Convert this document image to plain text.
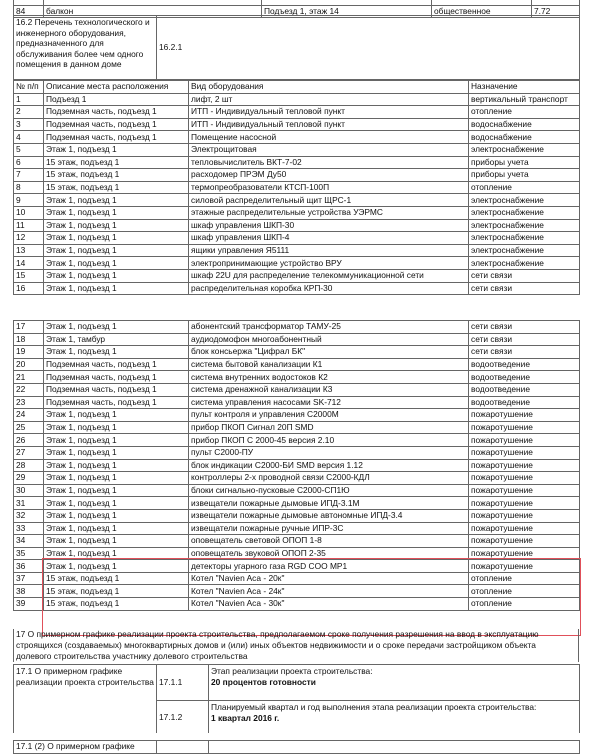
84	балкон	Подъезд 1, этаж 14	общественное	7.72
16.2 Перечень технологического и инженерного оборудования, предназначенного для обслуживания более чем одного помещения в данном доме	16.2.1
№ п/п	Описание места расположения	Вид оборудования	Назначение
1	Подъезд 1	лифт, 2 шт	вертикальный транспорт
2	Подземная часть, подъезд 1	ИТП - Индивидуальный тепловой пункт	отопление
3	Подземная часть, подъезд 1	ИТП - Индивидуальный тепловой пункт	водоснабжение
4	Подземная часть, подъезд 1	Помещение насосной	водоснабжение
5	Этаж 1, подъезд 1	Электрощитовая	электроснабжение
6	15 этаж, подъезд 1	тепловычислитель ВКТ-7-02	приборы учета
7	15 этаж, подъезд 1	расходомер ПРЭМ Ду50	приборы учета
8	15 этаж, подъезд 1	термопреобразователи КТСП-100П	отопление
9	Этаж 1, подъезд 1	силовой распределительный щит ЩРС-1	электроснабжение
10	Этаж 1, подъезд 1	этажные распределительные устройства УЭРМС	электроснабжение
11	Этаж 1, подъезд 1	шкаф управления ШКП-30	электроснабжение
12	Этаж 1, подъезд 1	шкаф управления ШКП-4	электроснабжение
13	Этаж 1, подъезд 1	ящики управления Я5111	электроснабжение
14	Этаж 1, подъезд 1	электропринимающие устройство ВРУ	электроснабжение
15	Этаж 1, подъезд 1	шкаф 22U для распределение телекоммуникационной сети	сети связи
16	Этаж 1, подъезд 1	распределительная коробка КРП-30	сети связи
17	Этаж 1, подъезд 1	абонентский трансформатор ТАМУ-25	сети связи
18	Этаж 1, тамбур	аудиодомофон многоабонентный	сети связи
19	Этаж 1, подъезд 1	блок консьержа "Цифрал БК"	сети связи
20	Подземная часть, подъезд 1	система бытовой канализации К1	водоотведение
21	Подземная часть, подъезд 1	система внутренних водостоков К2	водоотведение
22	Подземная часть, подъезд 1	система дренажной канализации К3	водоотведение
23	Подземная часть, подъезд 1	система управления насосами SK-712	водоотведение
24	Этаж 1, подъезд 1	пульт контроля и управления С2000М	пожаротушение
25	Этаж 1, подъезд 1	прибор ПКОП Сигнал 20П SMD	пожаротушение
26	Этаж 1, подъезд 1	прибор ПКОП С 2000-45 версия 2.10	пожаротушение
27	Этаж 1, подъезд 1	пульт С2000-ПУ	пожаротушение
28	Этаж 1, подъезд 1	блок индикации С2000-БИ SMD версия 1.12	пожаротушение
29	Этаж 1, подъезд 1	контроллеры 2-х проводной связи С2000-КДЛ	пожаротушение
30	Этаж 1, подъезд 1	блоки сигнально-пусковые С2000-СП1Ю	пожаротушение
31	Этаж 1, подъезд 1	извещатели пожарные дымовые ИПД-3.1М	пожаротушение
32	Этаж 1, подъезд 1	извещатели пожарные дымовые автономные ИПД-3.4	пожаротушение
33	Этаж 1, подъезд 1	извещатели пожарные ручные ИПР-3С	пожаротушение
34	Этаж 1, подъезд 1	оповещатель световой ОПОП 1-8	пожаротушение
35	Этаж 1, подъезд 1	оповещатель звуковой ОПОП 2-35	пожаротушение
36	Этаж 1, подъезд 1	детекторы угарного газа RGD COO MP1	пожаротушение
37	15 этаж, подъезд 1	Котел "Navien Aca - 20к"	отопление
38	15 этаж, подъезд 1	Котел "Navien Aca - 24к"	отопление
39	15 этаж, подъезд 1	Котел "Navien Aca - 30к"	отопление
17 О примерном графике реализации проекта строительства, предполагаемом сроке получения разрешения на ввод в эксплуатацию
строящихся (создаваемых) многоквартирных домов и (или) иных объектов недвижимости и о сроке передачи застройщиком объекта
долевого строительства участнику долевого строительства
17.1 О примерном графике реализации проекта строительства	17.1.1	Этап реализации проекта строительства:
20 процентов готовности

	17.1.2	Планируемый квартал и год выполнения этапа реализации проекта строительства:
1 квартал 2016 г.
17.1 (2) О примерном графике		
